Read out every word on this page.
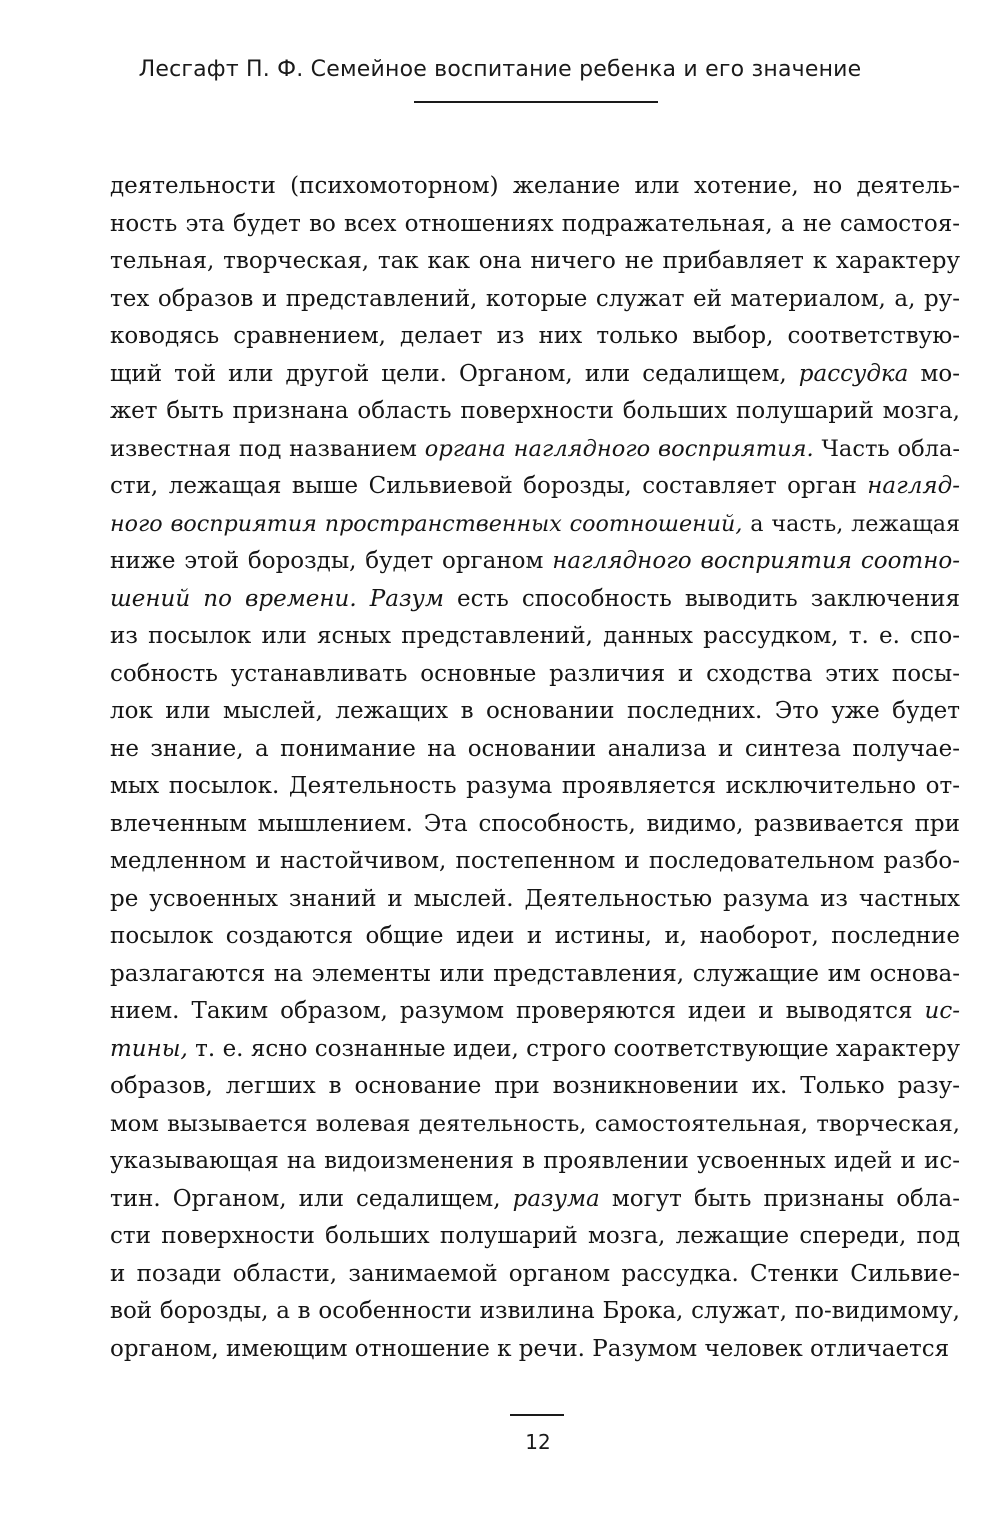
Лесгафт П. Ф. Семейное воспитание ребенка и его значение
деятельности (психомоторном) желание или хотение, но деятель-
ность эта будет во всех отношениях подражательная, а не самостоя-
тельная, творческая, так как она ничего не прибавляет к характеру
тех образов и представлений, которые служат ей материалом, а, ру-
ководясь сравнением, делает из них только выбор, соответствую-
щий той или другой цели. Органом, или седалищем, рассудка мо-
жет быть признана область поверхности больших полушарий мозга,
известная под названием органа наглядного восприятия. Часть обла-
сти, лежащая выше Сильвиевой борозды, составляет орган нагляд-
ного восприятия пространственных соотношений, а часть, лежащая
ниже этой борозды, будет органом наглядного восприятия соотно-
шений по времени. Разум есть способность выводить заключения
из посылок или ясных представлений, данных рассудком, т. е. спо-
собность устанавливать основные различия и сходства этих посы-
лок или мыслей, лежащих в основании последних. Это уже будет
не знание, а понимание на основании анализа и синтеза получае-
мых посылок. Деятельность разума проявляется исключительно от-
влеченным мышлением. Эта способность, видимо, развивается при
медленном и настойчивом, постепенном и последовательном разбо-
ре усвоенных знаний и мыслей. Деятельностью разума из частных
посылок создаются общие идеи и истины, и, наоборот, последние
разлагаются на элементы или представления, служащие им основа-
нием. Таким образом, разумом проверяются идеи и выводятся ис-
тины, т. е. ясно сознанные идеи, строго соответствующие характеру
образов, легших в основание при возникновении их. Только разу-
мом вызывается волевая деятельность, самостоятельная, творческая,
указывающая на видоизменения в проявлении усвоенных идей и ис-
тин. Органом, или седалищем, разума могут быть признаны обла-
сти поверхности больших полушарий мозга, лежащие спереди, под
и позади области, занимаемой органом рассудка. Стенки Сильвие-
вой борозды, а в особенности извилина Брока, служат, по-видимому,
органом, имеющим отношение к речи. Разумом человек отличается
12
